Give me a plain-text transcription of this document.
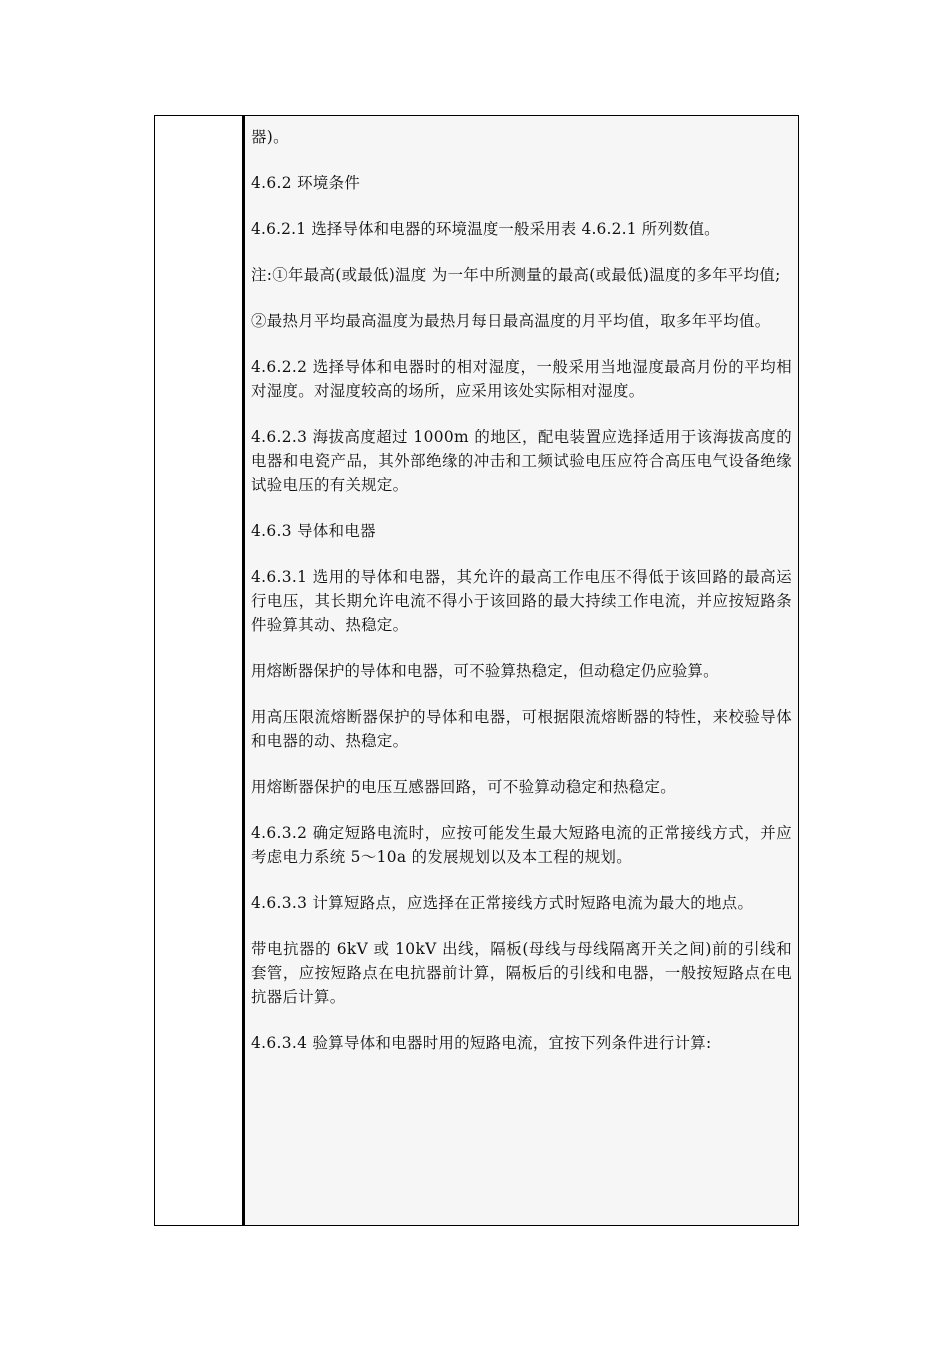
器)。

4.6.2 环境条件

4.6.2.1 选择导体和电器的环境温度一般采用表 4.6.2.1 所列数值。

注:①年最高(或最低)温度 为一年中所测量的最高(或最低)温度的多年平均值;

②最热月平均最高温度为最热月每日最高温度的月平均值，取多年平均值。

4.6.2.2 选择导体和电器时的相对湿度，一般采用当地湿度最高月份的平均相对湿度。对湿度较高的场所，应采用该处实际相对湿度。

4.6.2.3 海拔高度超过 1000m 的地区，配电装置应选择适用于该海拔高度的电器和电瓷产品，其外部绝缘的冲击和工频试验电压应符合高压电气设备绝缘试验电压的有关规定。

4.6.3 导体和电器

4.6.3.1 选用的导体和电器，其允许的最高工作电压不得低于该回路的最高运行电压，其长期允许电流不得小于该回路的最大持续工作电流，并应按短路条件验算其动、热稳定。

用熔断器保护的导体和电器，可不验算热稳定，但动稳定仍应验算。

用高压限流熔断器保护的导体和电器，可根据限流熔断器的特性，来校验导体和电器的动、热稳定。

用熔断器保护的电压互感器回路，可不验算动稳定和热稳定。

4.6.3.2 确定短路电流时，应按可能发生最大短路电流的正常接线方式，并应考虑电力系统 5～10a 的发展规划以及本工程的规划。

4.6.3.3 计算短路点，应选择在正常接线方式时短路电流为最大的地点。

带电抗器的 6kV 或 10kV 出线，隔板(母线与母线隔离开关之间)前的引线和套管，应按短路点在电抗器前计算，隔板后的引线和电器，一般按短路点在电抗器后计算。

4.6.3.4 验算导体和电器时用的短路电流，宜按下列条件进行计算:
